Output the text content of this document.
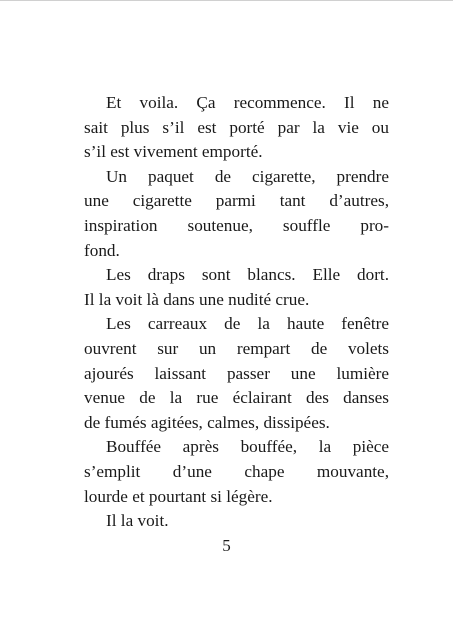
Et voila. Ça recommence. Il ne
sait plus s’il est porté par la vie ou
s’il est vivement emporté.
Un paquet de cigarette, prendre
une cigarette parmi tant d’autres,
inspiration soutenue, souffle pro-
fond.
Les draps sont blancs. Elle dort.
Il la voit là dans une nudité crue.
Les carreaux de la haute fenêtre
ouvrent sur un rempart de volets
ajourés laissant passer une lumière
venue de la rue éclairant des danses
de fumés agitées, calmes, dissipées.
Bouffée après bouffée, la pièce
s’emplit d’une chape mouvante,
lourde et pourtant si légère.
Il la voit.
5
